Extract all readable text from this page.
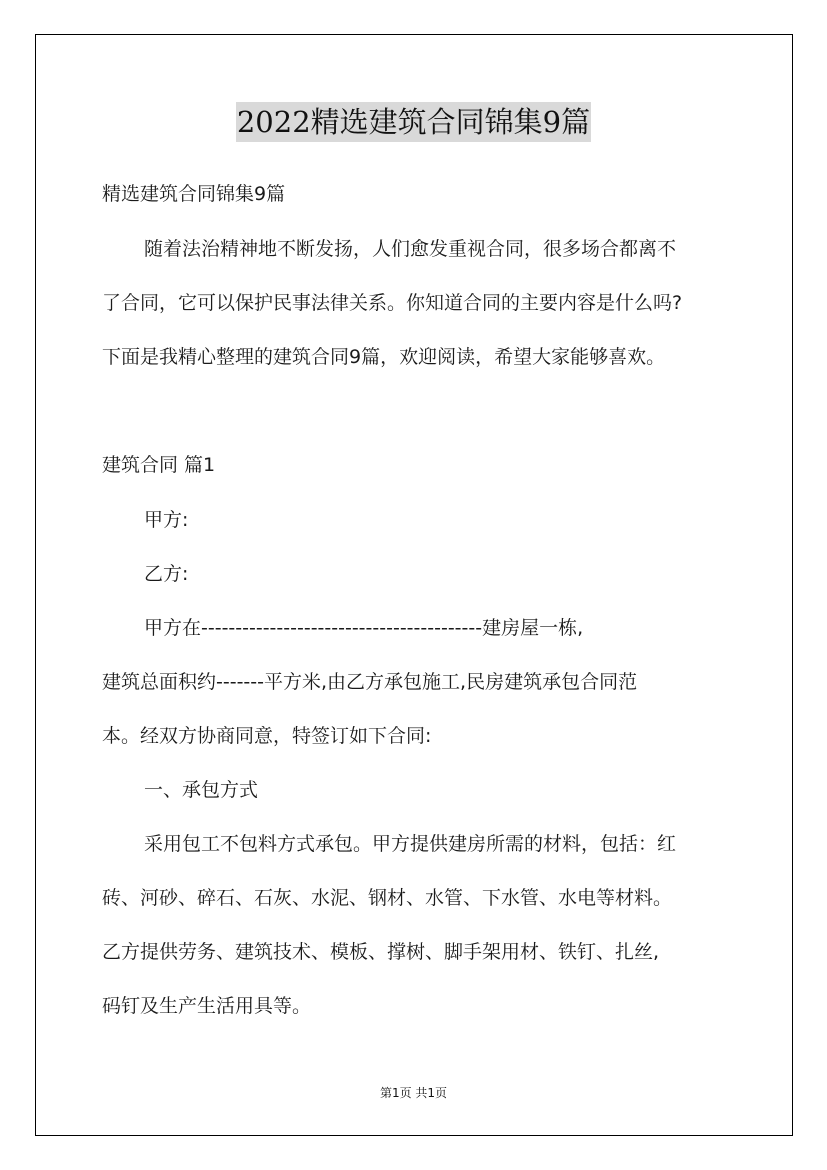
2022精选建筑合同锦集9篇
精选建筑合同锦集9篇
随着法治精神地不断发扬，人们愈发重视合同，很多场合都离不
了合同，它可以保护民事法律关系。你知道合同的主要内容是什么吗?
下面是我精心整理的建筑合同9篇，欢迎阅读，希望大家能够喜欢。
建筑合同 篇1
甲方:
乙方:
甲方在-----------------------------------------建房屋一栋,
建筑总面积约-------平方米,由乙方承包施工,民房建筑承包合同范
本。经双方协商同意，特签订如下合同:
一、承包方式
采用包工不包料方式承包。甲方提供建房所需的材料，包括：红
砖、河砂、碎石、石灰、水泥、钢材、水管、下水管、水电等材料。
乙方提供劳务、建筑技术、模板、撑树、脚手架用材、铁钉、扎丝,
码钉及生产生活用具等。
第1页 共1页
